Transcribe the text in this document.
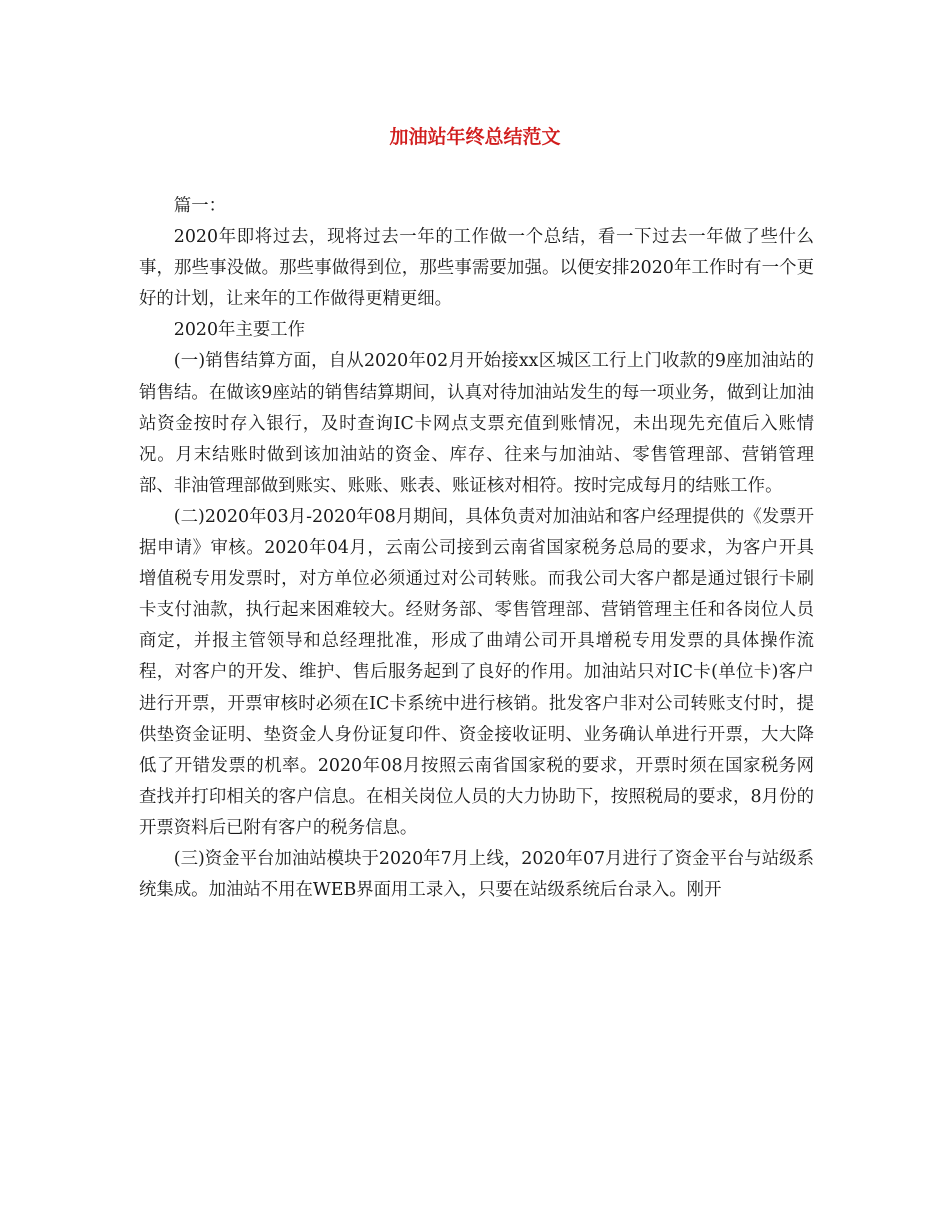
加油站年终总结范文

篇一：

2020年即将过去，现将过去一年的工作做一个总结，看一下过去一年做了些什么事，那些事没做。那些事做得到位，那些事需要加强。以便安排2020年工作时有一个更好的计划，让来年的工作做得更精更细。

2020年主要工作

(一)销售结算方面，自从2020年02月开始接xx区城区工行上门收款的9座加油站的销售结。在做该9座站的销售结算期间，认真对待加油站发生的每一项业务，做到让加油站资金按时存入银行，及时查询IC卡网点支票充值到账情况，未出现先充值后入账情况。月末结账时做到该加油站的资金、库存、往来与加油站、零售管理部、营销管理部、非油管理部做到账实、账账、账表、账证核对相符。按时完成每月的结账工作。

(二)2020年03月-2020年08月期间，具体负责对加油站和客户经理提供的《发票开据申请》审核。2020年04月，云南公司接到云南省国家税务总局的要求，为客户开具增值税专用发票时，对方单位必须通过对公司转账。而我公司大客户都是通过银行卡刷卡支付油款，执行起来困难较大。经财务部、零售管理部、营销管理主任和各岗位人员商定，并报主管领导和总经理批准，形成了曲靖公司开具增税专用发票的具体操作流程，对客户的开发、维护、售后服务起到了良好的作用。加油站只对IC卡(单位卡)客户进行开票，开票审核时必须在IC卡系统中进行核销。批发客户非对公司转账支付时，提供垫资金证明、垫资金人身份证复印件、资金接收证明、业务确认单进行开票，大大降低了开错发票的机率。2020年08月按照云南省国家税的要求，开票时须在国家税务网查找并打印相关的客户信息。在相关岗位人员的大力协助下，按照税局的要求，8月份的开票资料后已附有客户的税务信息。

(三)资金平台加油站模块于2020年7月上线，2020年07月进行了资金平台与站级系统集成。加油站不用在WEB界面用工录入，只要在站级系统后台录入。刚开
